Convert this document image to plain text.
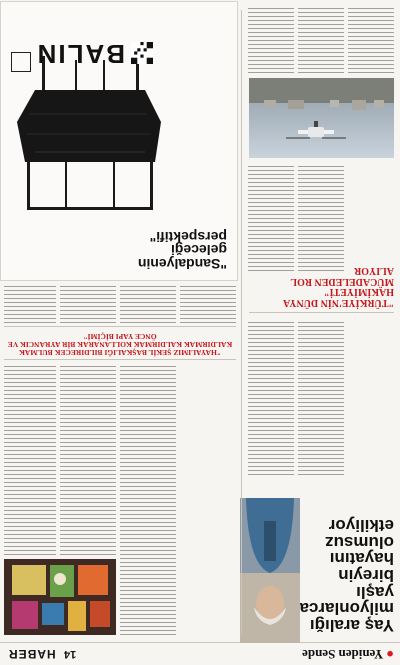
● Yeniden Sende
14
HABER
Yaş aralığı
milyonlarca
yaşlı bireyin
hayatını
olumsuz
etkiliyor
"TÜRKİYE'NİN DÜNYA HAKİMİYETİ" MÜCADELEDEN ROL ALIYOR
"HAYALIMIZ ŞEKİL BAŞKALIĞI BILDIRECEK BULMAK KALDIRMAK KALDIRMAK KOLLANARAK BİR AYRANCIK VE ÖNCE YAPI BİÇİMİ"
"Sandalyenin geleceği perspektifi"
BALIN
